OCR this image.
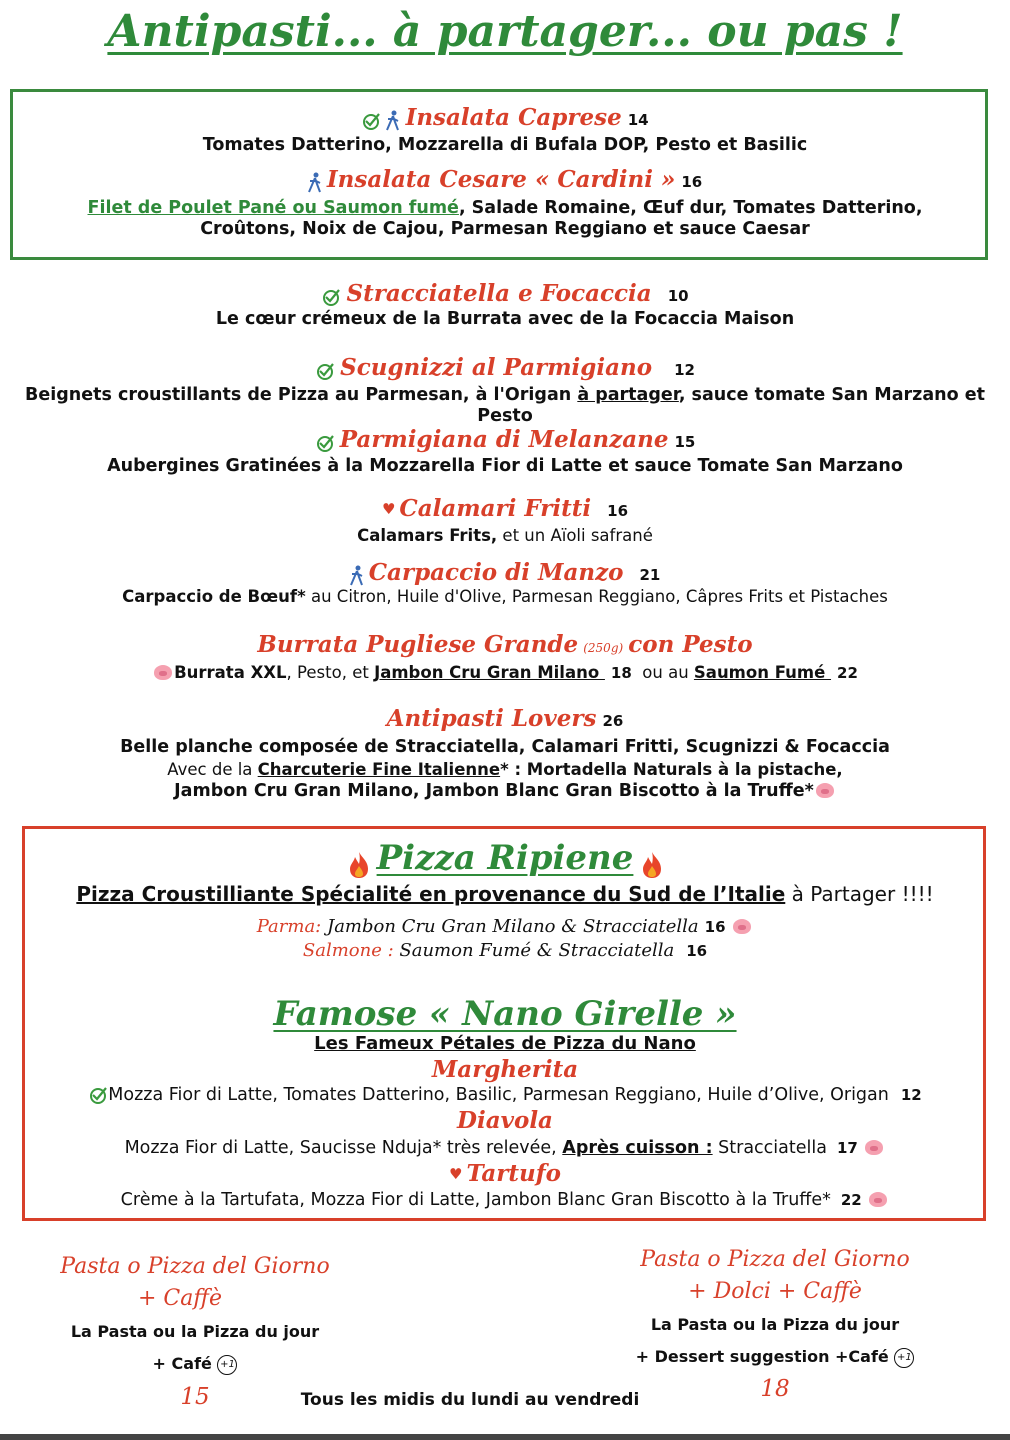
Antipasti... à partager... ou pas !
Insalata Caprese 14
Tomates Datterino, Mozzarella di Bufala DOP, Pesto et Basilic
Insalata Cesare « Cardini » 16
Filet de Poulet Pané ou Saumon fumé, Salade Romaine, Œuf dur, Tomates Datterino,
Croûtons, Noix de Cajou, Parmesan Reggiano et sauce Caesar
Stracciatella e Focaccia 10
Le cœur crémeux de la Burrata avec de la Focaccia Maison
Scugnizzi al Parmigiano 12
Beignets croustillants de Pizza au Parmesan, à l'Origan à partager, sauce tomate San Marzano et Pesto
Parmigiana di Melanzane 15
Aubergines Gratinées à la Mozzarella Fior di Latte et sauce Tomate San Marzano
♥ Calamari Fritti 16
Calamars Frits, et un Aïoli safrané
Carpaccio di Manzo 21
Carpaccio de Bœuf* au Citron, Huile d'Olive, Parmesan Reggiano, Câpres Frits et Pistaches
Burrata Pugliese Grande (250g) con Pesto
Burrata XXL, Pesto, et Jambon Cru Gran Milano 18 ou au Saumon Fumé 22
Antipasti Lovers 26
Belle planche composée de Stracciatella, Calamari Fritti, Scugnizzi & Focaccia
Avec de la Charcuterie Fine Italienne* : Mortadella Naturals à la pistache,
Jambon Cru Gran Milano, Jambon Blanc Gran Biscotto à la Truffe*
Pizza Ripiene
Pizza Croustilliante Spécialité en provenance du Sud de l’Italie à Partager !!!!
Parma: Jambon Cru Gran Milano & Stracciatella 16
Salmone : Saumon Fumé & Stracciatella 16
Famose « Nano Girelle »
Les Fameux Pétales de Pizza du Nano
Margherita
Mozza Fior di Latte, Tomates Datterino, Basilic, Parmesan Reggiano, Huile d’Olive, Origan 12
Diavola
Mozza Fior di Latte, Saucisse Nduja* très relevée, Après cuisson : Stracciatella 17
♥ Tartufo
Crème à la Tartufata, Mozza Fior di Latte, Jambon Blanc Gran Biscotto à la Truffe* 22
Pasta o Pizza del Giorno
+ Caffè
La Pasta ou la Pizza du jour
+ Café +1
15	Tous les midis du lundi au vendredi
Pasta o Pizza del Giorno
+ Dolci + Caffè
La Pasta ou la Pizza du jour
+ Dessert suggestion +Café +1
18
